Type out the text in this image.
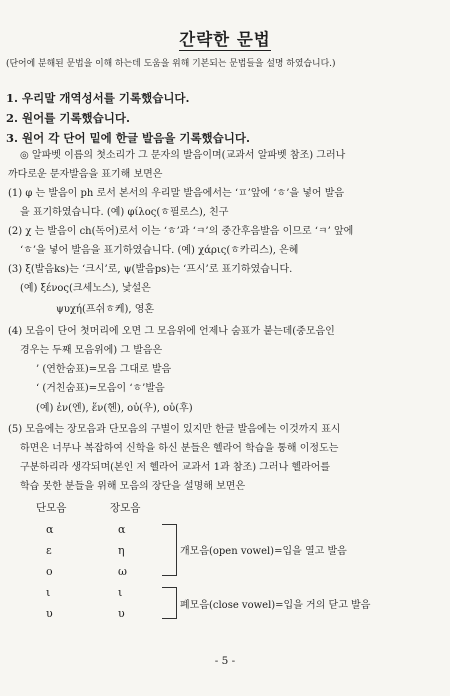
간략한 문법
(단어에 분해된 문법을 이해 하는데 도움을 위해 기본되는 문법들을 설명 하였습니다.)
1. 우리말 개역성서를 기록했습니다.
2. 원어를 기록했습니다.
3. 원어 각 단어 밑에 한글 발음을 기록했습니다.
◎ 알파벳 이름의 첫소리가 그 문자의 발음이며(교과서 알파벳 참조) 그러나
까다로운 문자발음을 표기해 보면은
(1) φ 는 발음이 ph 로서 본서의 우리말 발음에서는 ‘ㅍ’앞에 ‘ㅎ’을 넣어 발음
을 표기하였습니다. (예) φίλος(ㅎ필로스), 친구
(2) χ 는 발음이 ch(독어)로서 이는 ‘ㅎ’과 ‘ㅋ’의 중간후음발음 이므로 ‘ㅋ’ 앞에
‘ㅎ’을 넣어 발음을 표기하였습니다. (예) χάρις(ㅎ카리스), 은혜
(3) ξ(발음ks)는 ‘크시’로, ψ(발음ps)는 ‘프시’로 표기하였습니다.
(예) ξένος(크세노스), 낯설은
ψυχή(프쉬ㅎ케), 영혼
(4) 모음이 단어 첫머리에 오면 그 모음위에 언제나 숨표가 붙는데(중모음인
경우는 두째 모음위에) 그 발음은
’ (연한숨표)=모음 그대로 발음
‘ (거친숨표)=모음이 ‘ㅎ’발음
(예) ἐν(엔), ἕν(헨), οὐ(우), οὑ(후)
(5) 모음에는 장모음과 단모음의 구별이 있지만 한글 발음에는 이것까지 표시
하면은 너무나 복잡하여 신학을 하신 분들은 헬라어 학습을 통해 이정도는
구분하리라 생각되며(본인 저 헬라어 교과서 1과 참조) 그러나 헬라어를
학습 못한 분들을 위해 모음의 장단을 설명해 보면은
단모음	장모음
α
ε
ο
ι
υ
α
η
ω
ι
υ
개모음(open vowel)=입을 열고 발음
폐모음(close vowel)=입을 거의 닫고 발음
- 5 -
